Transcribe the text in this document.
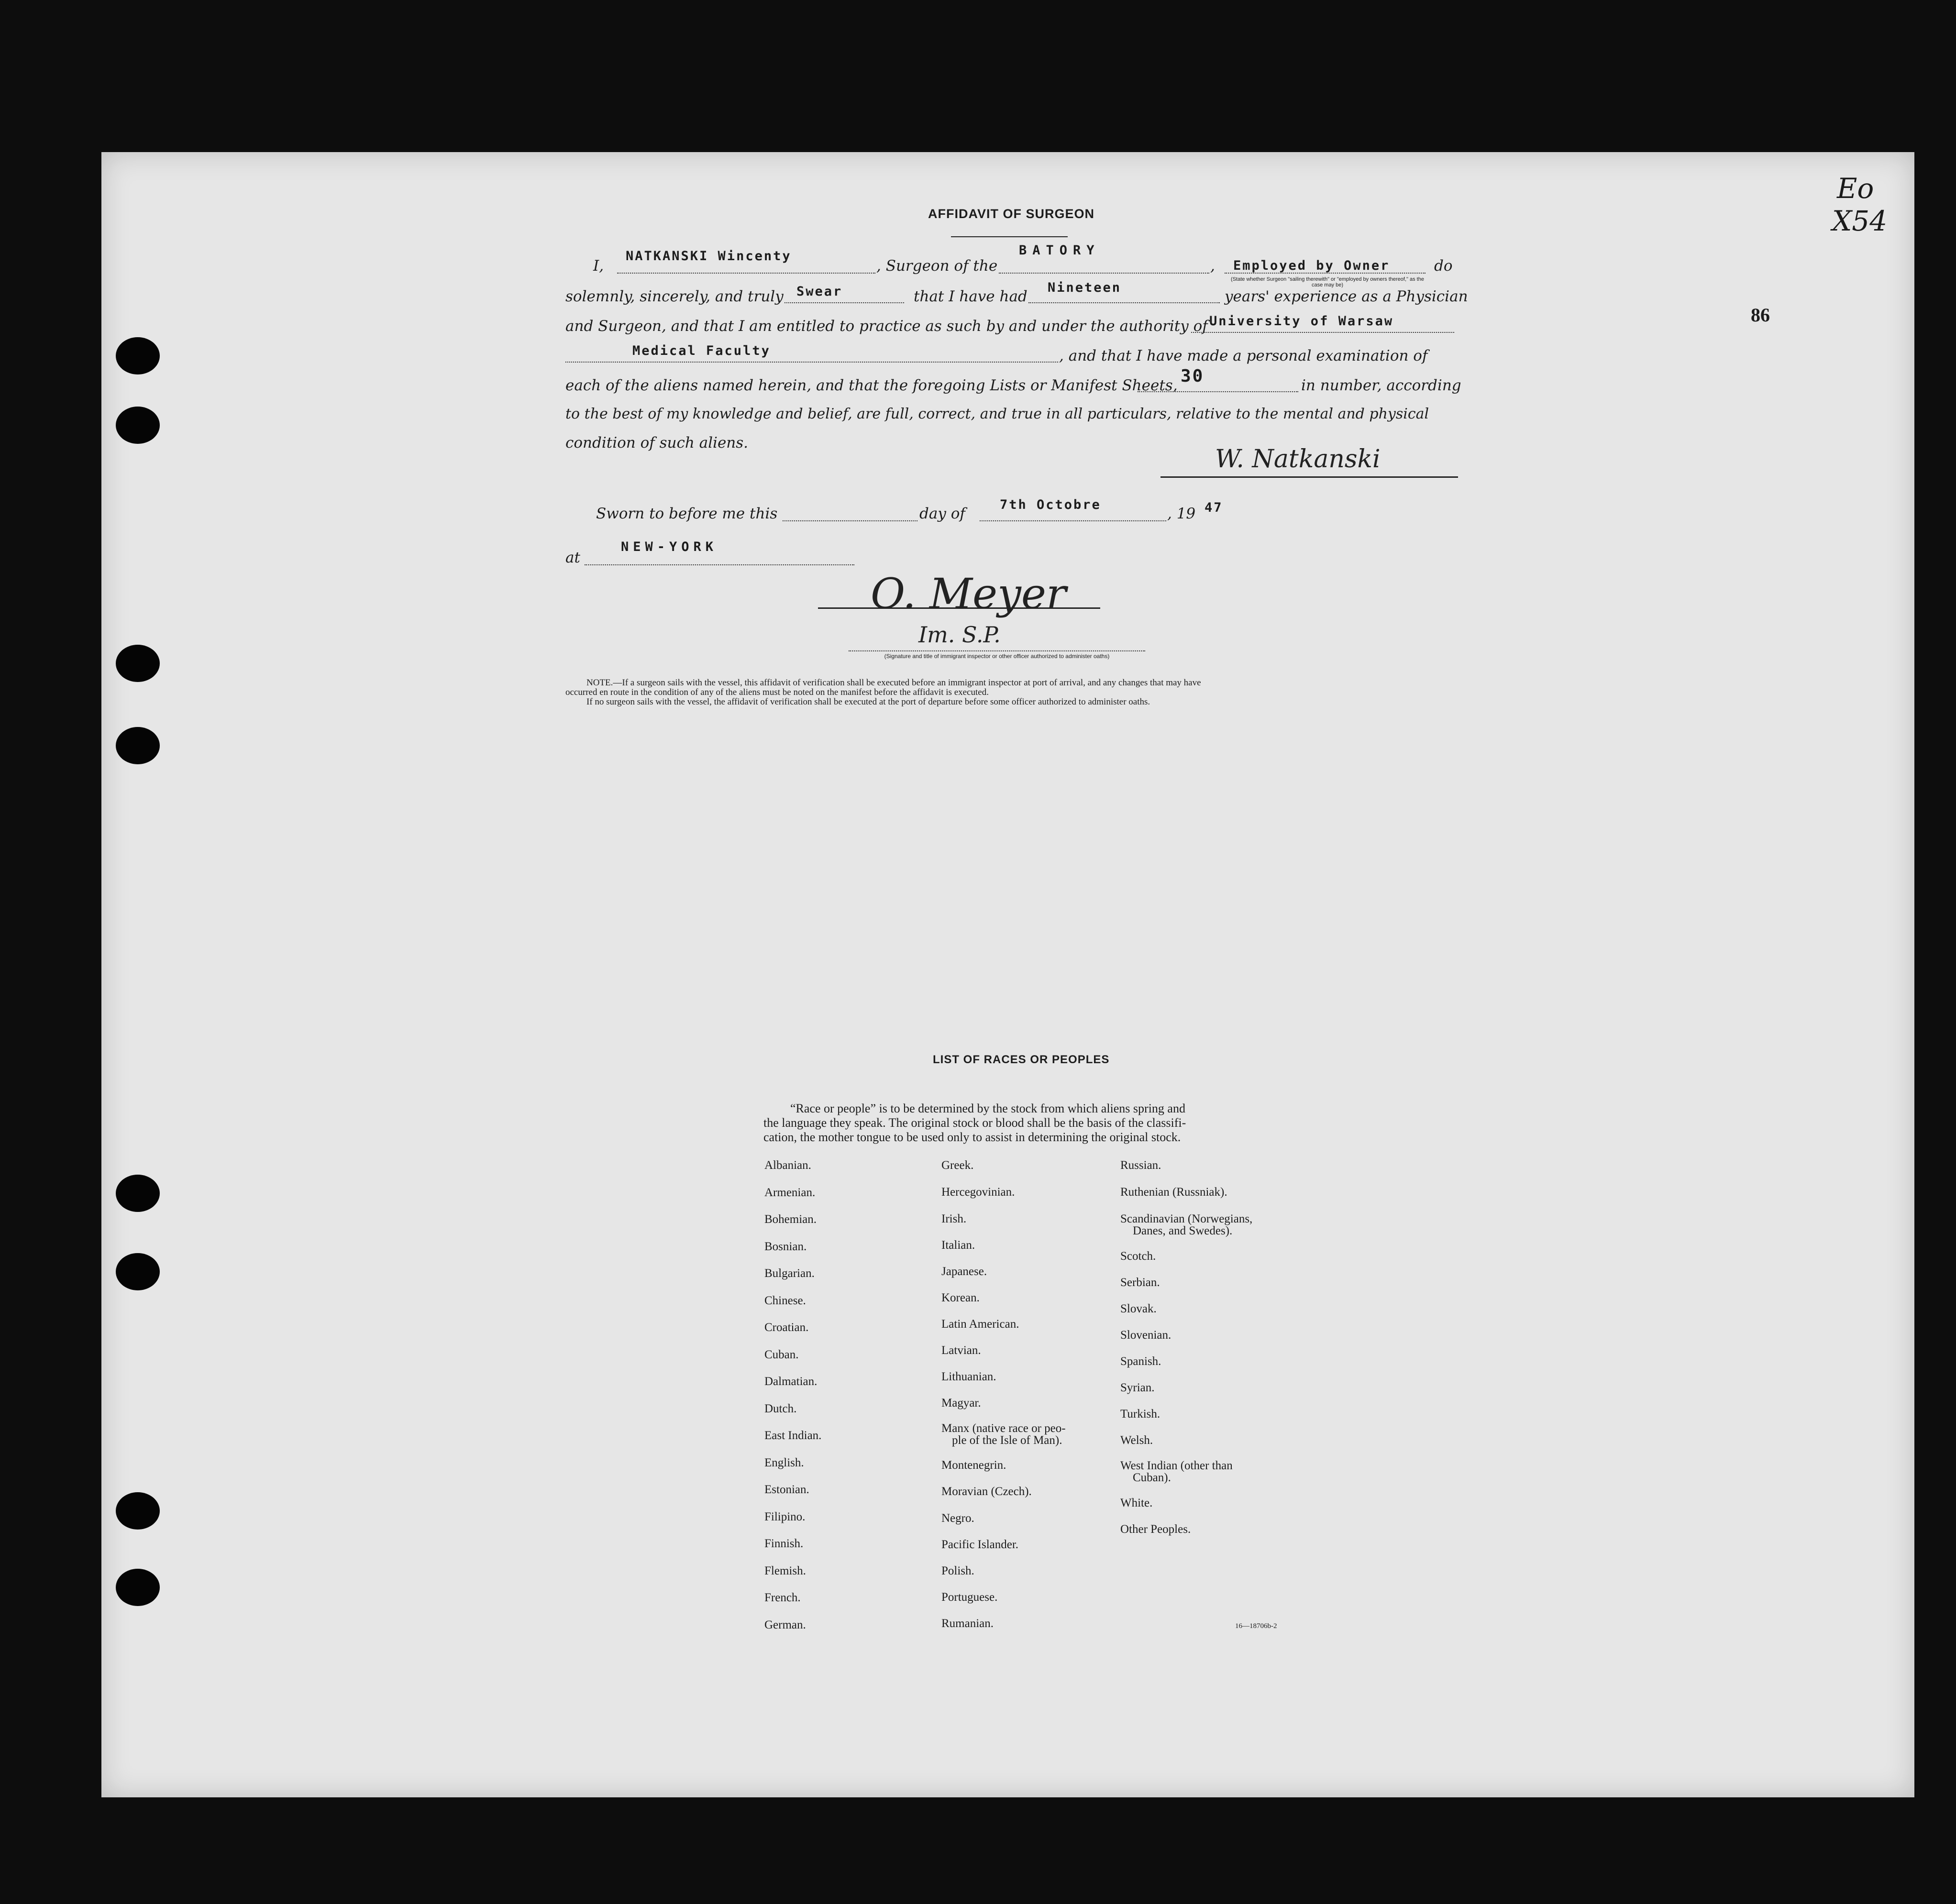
Eo
X54
86
AFFIDAVIT OF SURGEON
I,
NATKANSKI Wincenty
, Surgeon of the
BATORY
, Employed by Owner
(State whether Surgeon "sailing therewith" or "employed by owners thereof," as the case may be)
do
solemnly, sincerely, and truly Swear	that I have had
Nineteen
years' experience as a Physician
and Surgeon, and that I am entitled to practice as such by and under the authority of University of Warsaw
Medical Faculty	, and that I have made a personal examination of
each of the aliens named herein, and that the foregoing Lists or Manifest Sheets, 30	in number, according
to the best of my knowledge and belief, are full, correct, and true in all particulars, relative to the mental and physical
condition of such aliens.
W. Natkanski
Sworn to before me this	day of
7th Octobre
, 19 47
at
NEW-YORK
O. Meyer
Im. S.P.
(Signature and title of immigrant inspector or other officer authorized to administer oaths)
NOTE.—If a surgeon sails with the vessel, this affidavit of verification shall be executed before an immigrant inspector at port of arrival, and any changes that may have
occurred en route in the condition of any of the aliens must be noted on the manifest before the affidavit is executed.
If no surgeon sails with the vessel, the affidavit of verification shall be executed at the port of departure before some officer authorized to administer oaths.
LIST OF RACES OR PEOPLES
“Race or people” is to be determined by the stock from which aliens spring and
the language they speak. The original stock or blood shall be the basis of the classifi-
cation, the mother tongue to be used only to assist in determining the original stock.
Albanian.
Armenian.
Bohemian.
Bosnian.
Bulgarian.
Chinese.
Croatian.
Cuban.
Dalmatian.
Dutch.
East Indian.
English.
Estonian.
Filipino.
Finnish.
Flemish.
French.
German.
Greek.
Hercegovinian.
Irish.
Italian.
Japanese.
Korean.
Latin American.
Latvian.
Lithuanian.
Magyar.
Manx (native race or peo-
ple of the Isle of Man).
Montenegrin.
Moravian (Czech).
Negro.
Pacific Islander.
Polish.
Portuguese.
Rumanian.
Russian.
Ruthenian (Russniak).
Scandinavian (Norwegians,
Danes, and Swedes).
Scotch.
Serbian.
Slovak.
Slovenian.
Spanish.
Syrian.
Turkish.
Welsh.
West Indian (other than
Cuban).
White.
Other Peoples.
16—18706b-2
